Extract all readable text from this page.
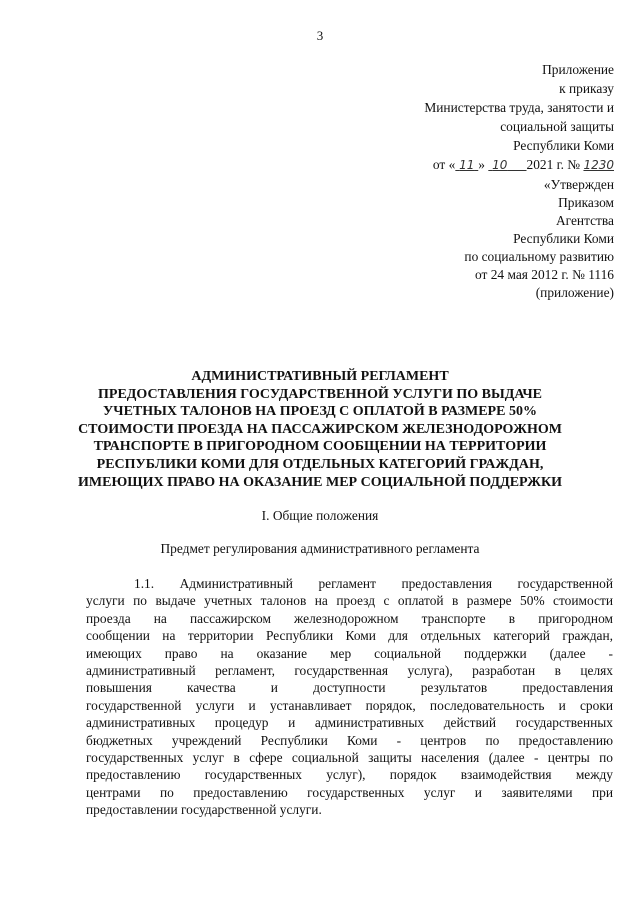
3
Приложение
к приказу
Министерства труда, занятости и
социальной защиты
Республики Коми
от « 11 »  10 2021 г. № 1230
«Утвержден
Приказом
Агентства
Республики Коми
по социальному развитию
от 24 мая 2012 г. № 1116
(приложение)
АДМИНИСТРАТИВНЫЙ РЕГЛАМЕНТ
ПРЕДОСТАВЛЕНИЯ ГОСУДАРСТВЕННОЙ УСЛУГИ ПО ВЫДАЧЕ
УЧЕТНЫХ ТАЛОНОВ НА ПРОЕЗД С ОПЛАТОЙ В РАЗМЕРЕ 50%
СТОИМОСТИ ПРОЕЗДА НА ПАССАЖИРСКОМ ЖЕЛЕЗНОДОРОЖНОМ
ТРАНСПОРТЕ В ПРИГОРОДНОМ СООБЩЕНИИ НА ТЕРРИТОРИИ
РЕСПУБЛИКИ КОМИ ДЛЯ ОТДЕЛЬНЫХ КАТЕГОРИЙ ГРАЖДАН,
ИМЕЮЩИХ ПРАВО НА ОКАЗАНИЕ МЕР СОЦИАЛЬНОЙ ПОДДЕРЖКИ
I. Общие положения
Предмет регулирования административного регламента
1.1. Административный регламент предоставления государственной
услуги по выдаче учетных талонов на проезд с оплатой в размере 50% стоимости
проезда на пассажирском железнодорожном транспорте в пригородном
сообщении на территории Республики Коми для отдельных категорий граждан,
имеющих право на оказание мер социальной поддержки (далее -
административный регламент, государственная услуга), разработан в целях
повышения качества и доступности результатов предоставления
государственной услуги и устанавливает порядок, последовательность и сроки
административных процедур и административных действий государственных
бюджетных учреждений Республики Коми - центров по предоставлению
государственных услуг в сфере социальной защиты населения (далее - центры по
предоставлению государственных услуг), порядок взаимодействия между
центрами по предоставлению государственных услуг и заявителями при
предоставлении государственной услуги.
